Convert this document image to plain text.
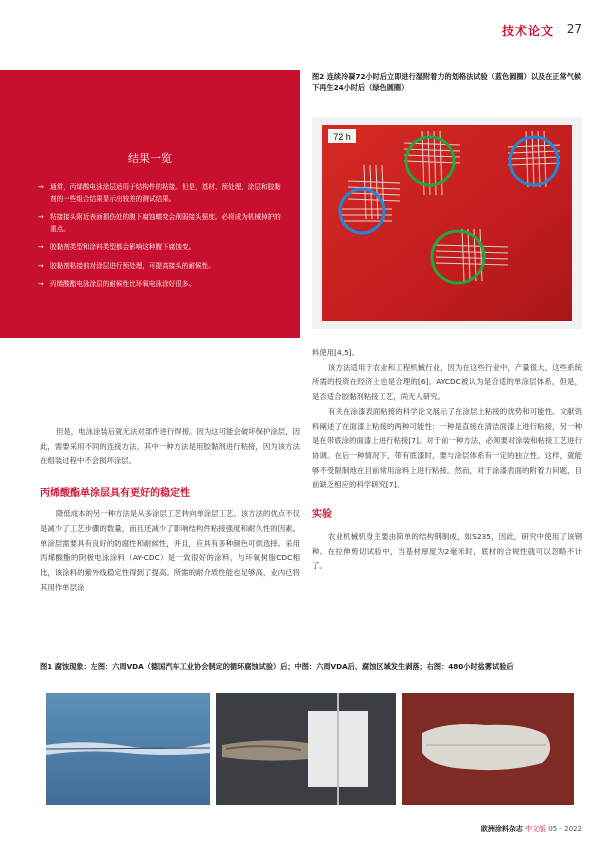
技术论文 27
结果一览
→ 通常，丙烯酸电泳涂层适用于结构件的粘接。但是，基材、预处理，涂层和胶黏剂的一些组合结果显示出较差的测试结果。
→ 粘接接头附近表面损伤处的腹下腐蚀蠕变会削弱接头强度。必将成为机械掉护的重点。
→ 胶黏剂类型和涂料类型都会影响这种腹下腐蚀变。
→ 胶黏剂粘接前对涂层进行预处理，可提高接头的耐候性。
→ 丙烯酸酯电泳涂层的耐候性比环氧电泳涂好很多。
图2 连续冷凝72小时后立即进行湿附着力的划格法试验（蓝色圆圈）以及在正常气候下再生24小时后（绿色圆圈）
72 h

但是，电泳涂装后就无法对部件进行焊接。因为这可能会破坏保护涂层，因此，需要采用不同的连接方法。其中一种方法是用胶黏剂进行粘接，因为该方法在组装过程中不会损坏涂层。

丙烯酸酯单涂层具有更好的稳定性

降低成本的另一种方法是从多涂层工艺转向单涂层工艺。该方法的优点不仅是减少了工艺步骤的数量，而且还减少了影响结构件粘接强度和耐久性的因素。单涂层需要具有良好的防腐性和耐候性，并且，应具有多种颜色可供选择。采用丙烯酸酯的阴极电泳涂料（AY-CDC）是一致很好的涂料，与环氧树脂CDC相比，该涂料的紫外线稳定性得到了提高。所需的耐介质性能也足够高，业内已将其用作单层涂

料使用[4,5]。

该方法适用于农业和工程机械行业，因为在这些行业中，产量很大，这些系统所需的投资在经济上也是合理的[6]。AYCDC被认为是合适的单涂层体系，但是，是否适合胶黏剂粘接工艺，尚无人研究。

有关在涂漆表面粘接的科学论文展示了在涂层上粘接的优势和可能性。文献资料阐述了在面漆上粘接的两种可能性：一种是直接在清洁面漆上进行粘接，另一种是在带底涂的面漆上进行粘接[7]。对于前一种方法，必须要对涂装和粘接工艺进行协调。在后一种情况下，带有底漆时，要与涂层体系有一定的独立性。这样，就能够不受限制地在目前常用涂料上进行粘接。然而，对于涂漆表面的附着力问题，目前缺乏相应的科学研究[7]。

实验

农业机械机身主要由简单的结构钢制成，如S235，因此，研究中使用了该钢种。在拉伸剪切试验中，当基材厚度为2毫米时，底材的合规性就可以忽略不计了。

图1 腐蚀现象：左图：六周VDA（德国汽车工业协会制定的循环腐蚀试验）后；中图：六周VDA后、腐蚀区域发生剥落；右图：480小时盐雾试验后
欧洲涂料杂志 中文版 05 - 2022
